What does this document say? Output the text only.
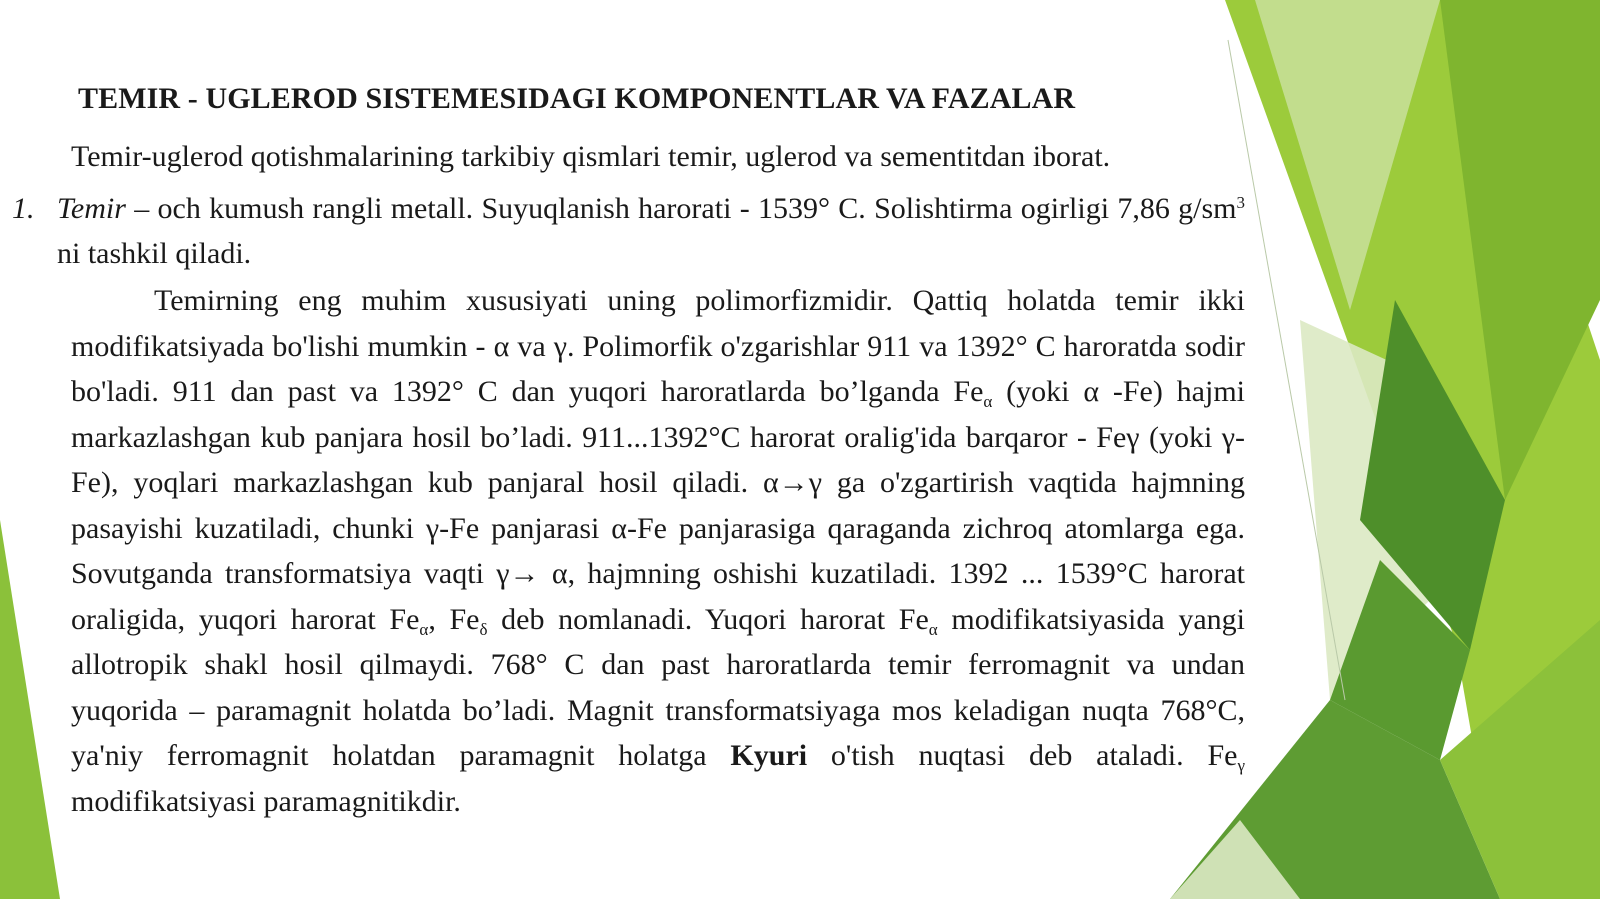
TEMIR - UGLEROD SISTEMESIDAGI KOMPONENTLAR VA FAZALAR
Temir-uglerod qotishmalarining tarkibiy qismlari temir, uglerod va sementitdan iborat.
1. Temir – och kumush rangli metall. Suyuqlanish harorati - 1539° C. Solishtirma ogirligi 7,86 $g/sm^3$ ni tashkil qiladi.
Temirning eng muhim xususiyati uning polimorfizmidir. Qattiq holatda temir ikki modifikatsiyada bo'lishi mumkin - α va γ. Polimorfik o'zgarishlar 911 va 1392° C haroratda sodir bo'ladi. 911 dan past va 1392° C dan yuqori haroratlarda bo’lganda $Fe_\alpha$ (yoki α -Fe) hajmi markazlashgan kub panjara hosil bo’ladi. 911...1392°C harorat oralig'ida barqaror - Feγ (yoki γ-Fe), yoqlari markazlashgan kub panjaral hosil qiladi. α→γ ga o'zgartirish vaqtida hajmning pasayishi kuzatiladi, chunki γ-Fe panjarasi α-Fe panjarasiga qaraganda zichroq atomlarga ega. Sovutganda transformatsiya vaqti γ→ α, hajmning oshishi kuzatiladi. 1392 ... 1539°C harorat oraligida, yuqori harorat $Fe_\alpha$, $Fe_\delta$ deb nomlanadi. Yuqori harorat $Fe_\alpha$ modifikatsiyasida yangi allotropik shakl hosil qilmaydi. 768° C dan past haroratlarda temir ferromagnit va undan yuqorida – paramagnit holatda bo’ladi. Magnit transformatsiyaga mos keladigan nuqta 768°C, ya'niy ferromagnit holatdan paramagnit holatga Kyuri o'tish nuqtasi deb ataladi. $Fe_\gamma$ modifikatsiyasi paramagnitikdir.
